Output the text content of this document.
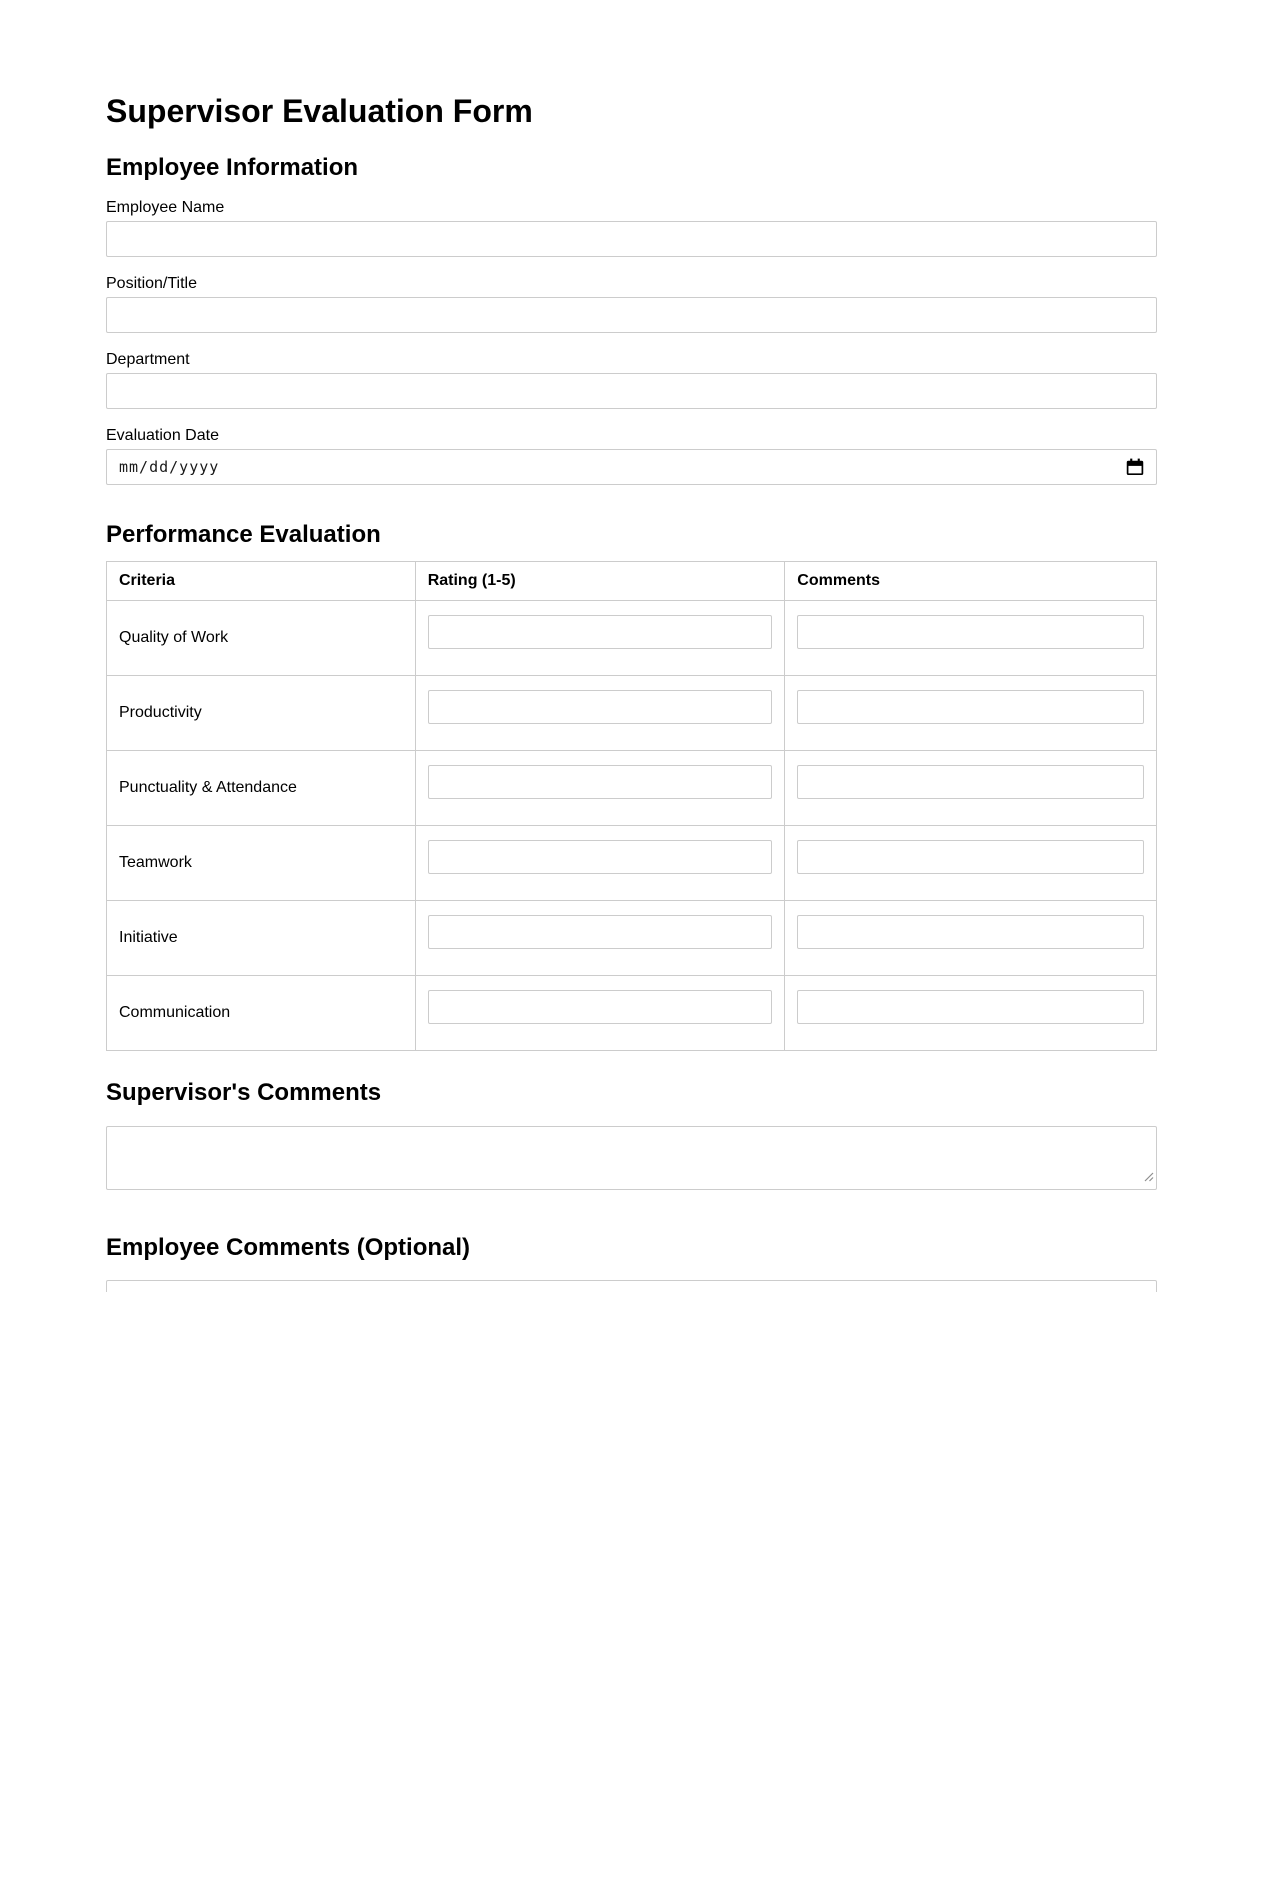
Supervisor Evaluation Form
Employee Information
Employee Name
Position/Title
Department
Evaluation Date
mm/dd/yyyy
Performance Evaluation
Criteria	Rating (1-5)	Comments
Quality of Work	

Productivity	

Punctuality & Attendance	

Teamwork	

Initiative	

Communication	

Supervisor's Comments
Employee Comments (Optional)
